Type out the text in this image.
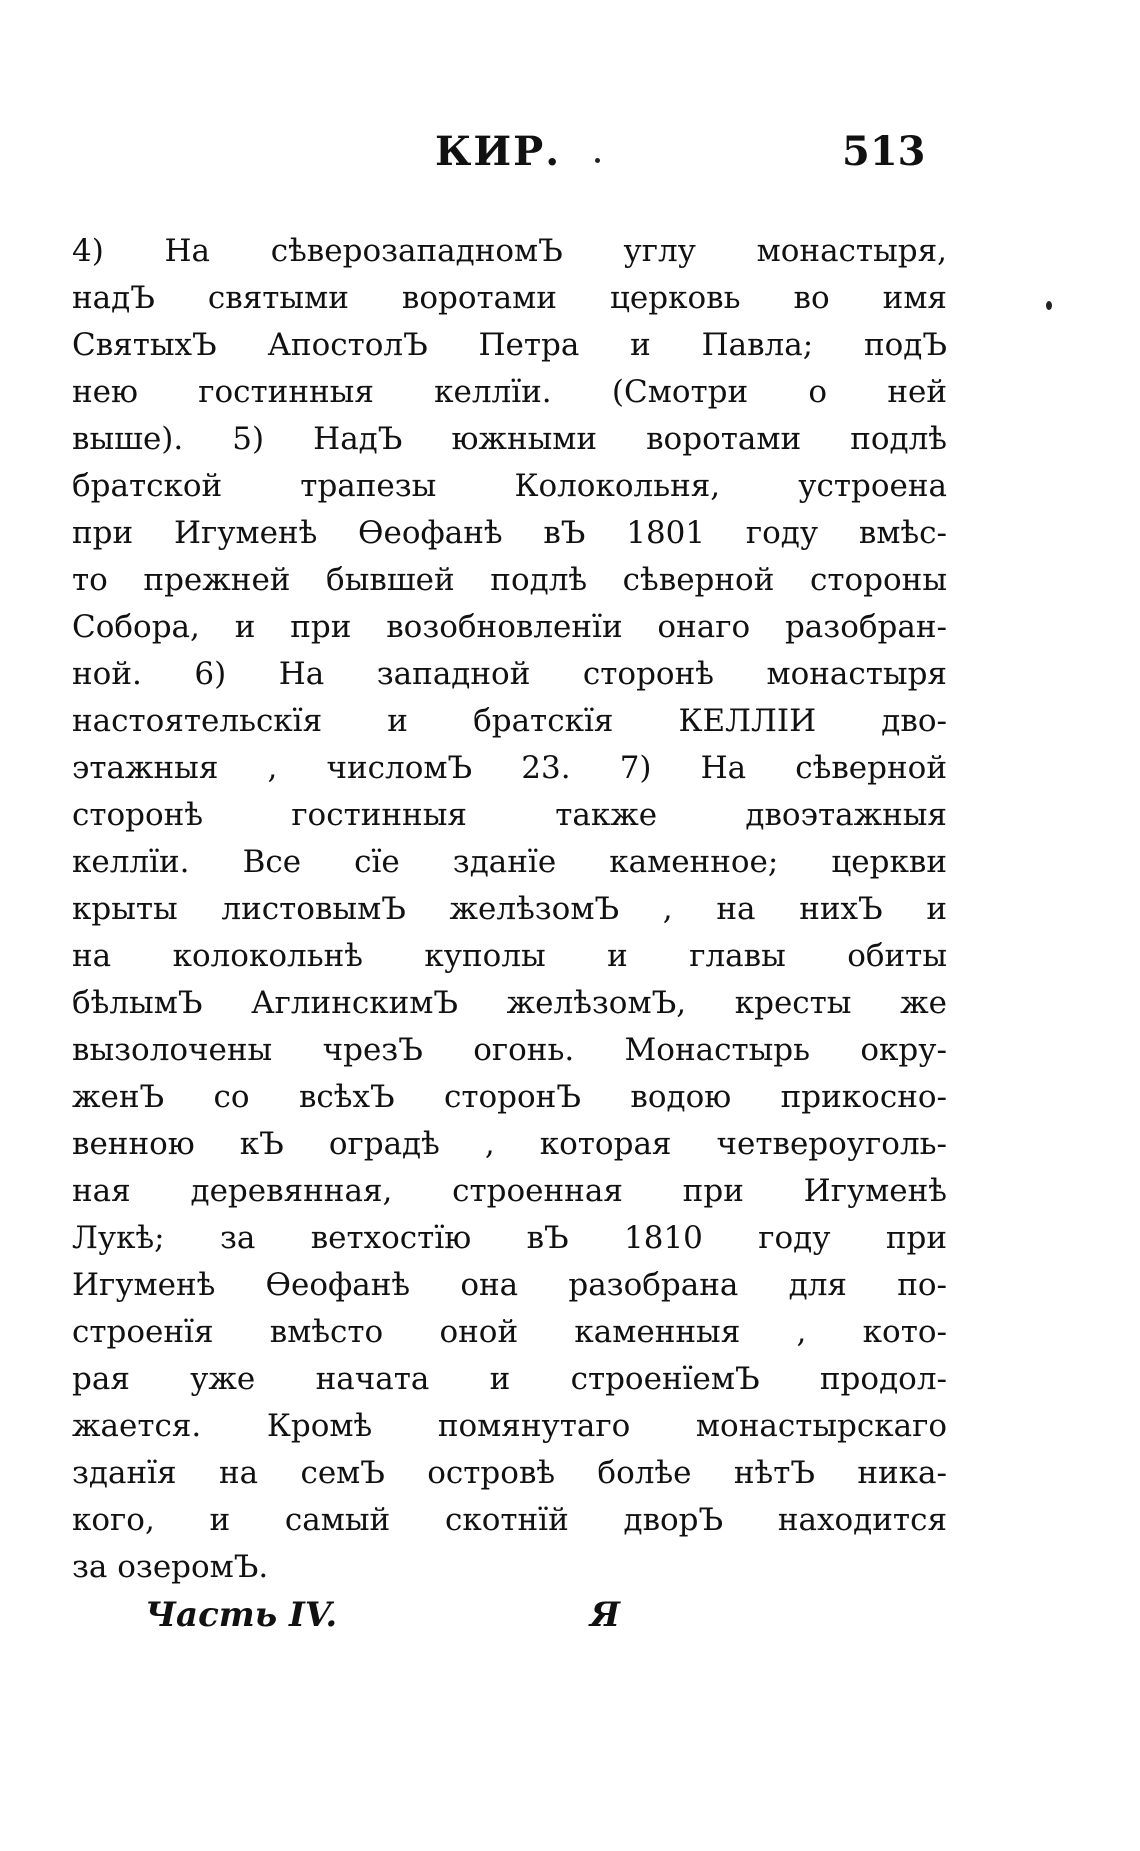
КИР.	513
4) На сѣверозападномЪ углу монастыря,
надЪ святыми воротами церковь во имя
СвятыхЪ АпостолЪ Петра и Павла; подЪ
нею гостинныя келлїи. (Смотри о ней
выше). 5) НадЪ южными воротами подлѣ
братской трапезы Колокольня, устроена
при Игуменѣ Өеофанѣ вЪ 1801 году вмѣс-
то прежней бывшей подлѣ сѣверной стороны
Собора, и при возобновленїи онаго разобран-
ной. 6) На западной сторонѣ монастыря
настоятельскїя и братскїя КЕЛЛIИ дво-
этажныя , числомЪ 23. 7) На сѣверной
сторонѣ гостинныя также двоэтажныя
келлїи. Все сїе зданїе каменное; церкви
крыты листовымЪ желѣзомЪ , на нихЪ и
на колокольнѣ куполы и главы обиты
бѣлымЪ АглинскимЪ желѣзомЪ, кресты же
вызолочены чрезЪ огонь. Монастырь окру-
женЪ со всѣхЪ сторонЪ водою прикосно-
венною кЪ оградѣ , которая четвероуголь-
ная деревянная, строенная при Игуменѣ
Лукѣ; за ветхостїю вЪ 1810 году при
Игуменѣ Өеофанѣ она разобрана для по-
строенїя вмѣсто оной каменныя , кото-
рая уже начата и строенїемЪ продол-
жается. Кромѣ помянутаго монастырскаго
зданїя на семЪ островѣ болѣе нѣтЪ ника-
кого, и самый скотнїй дворЪ находится
за озеромЪ.
Часть IV.	Я
